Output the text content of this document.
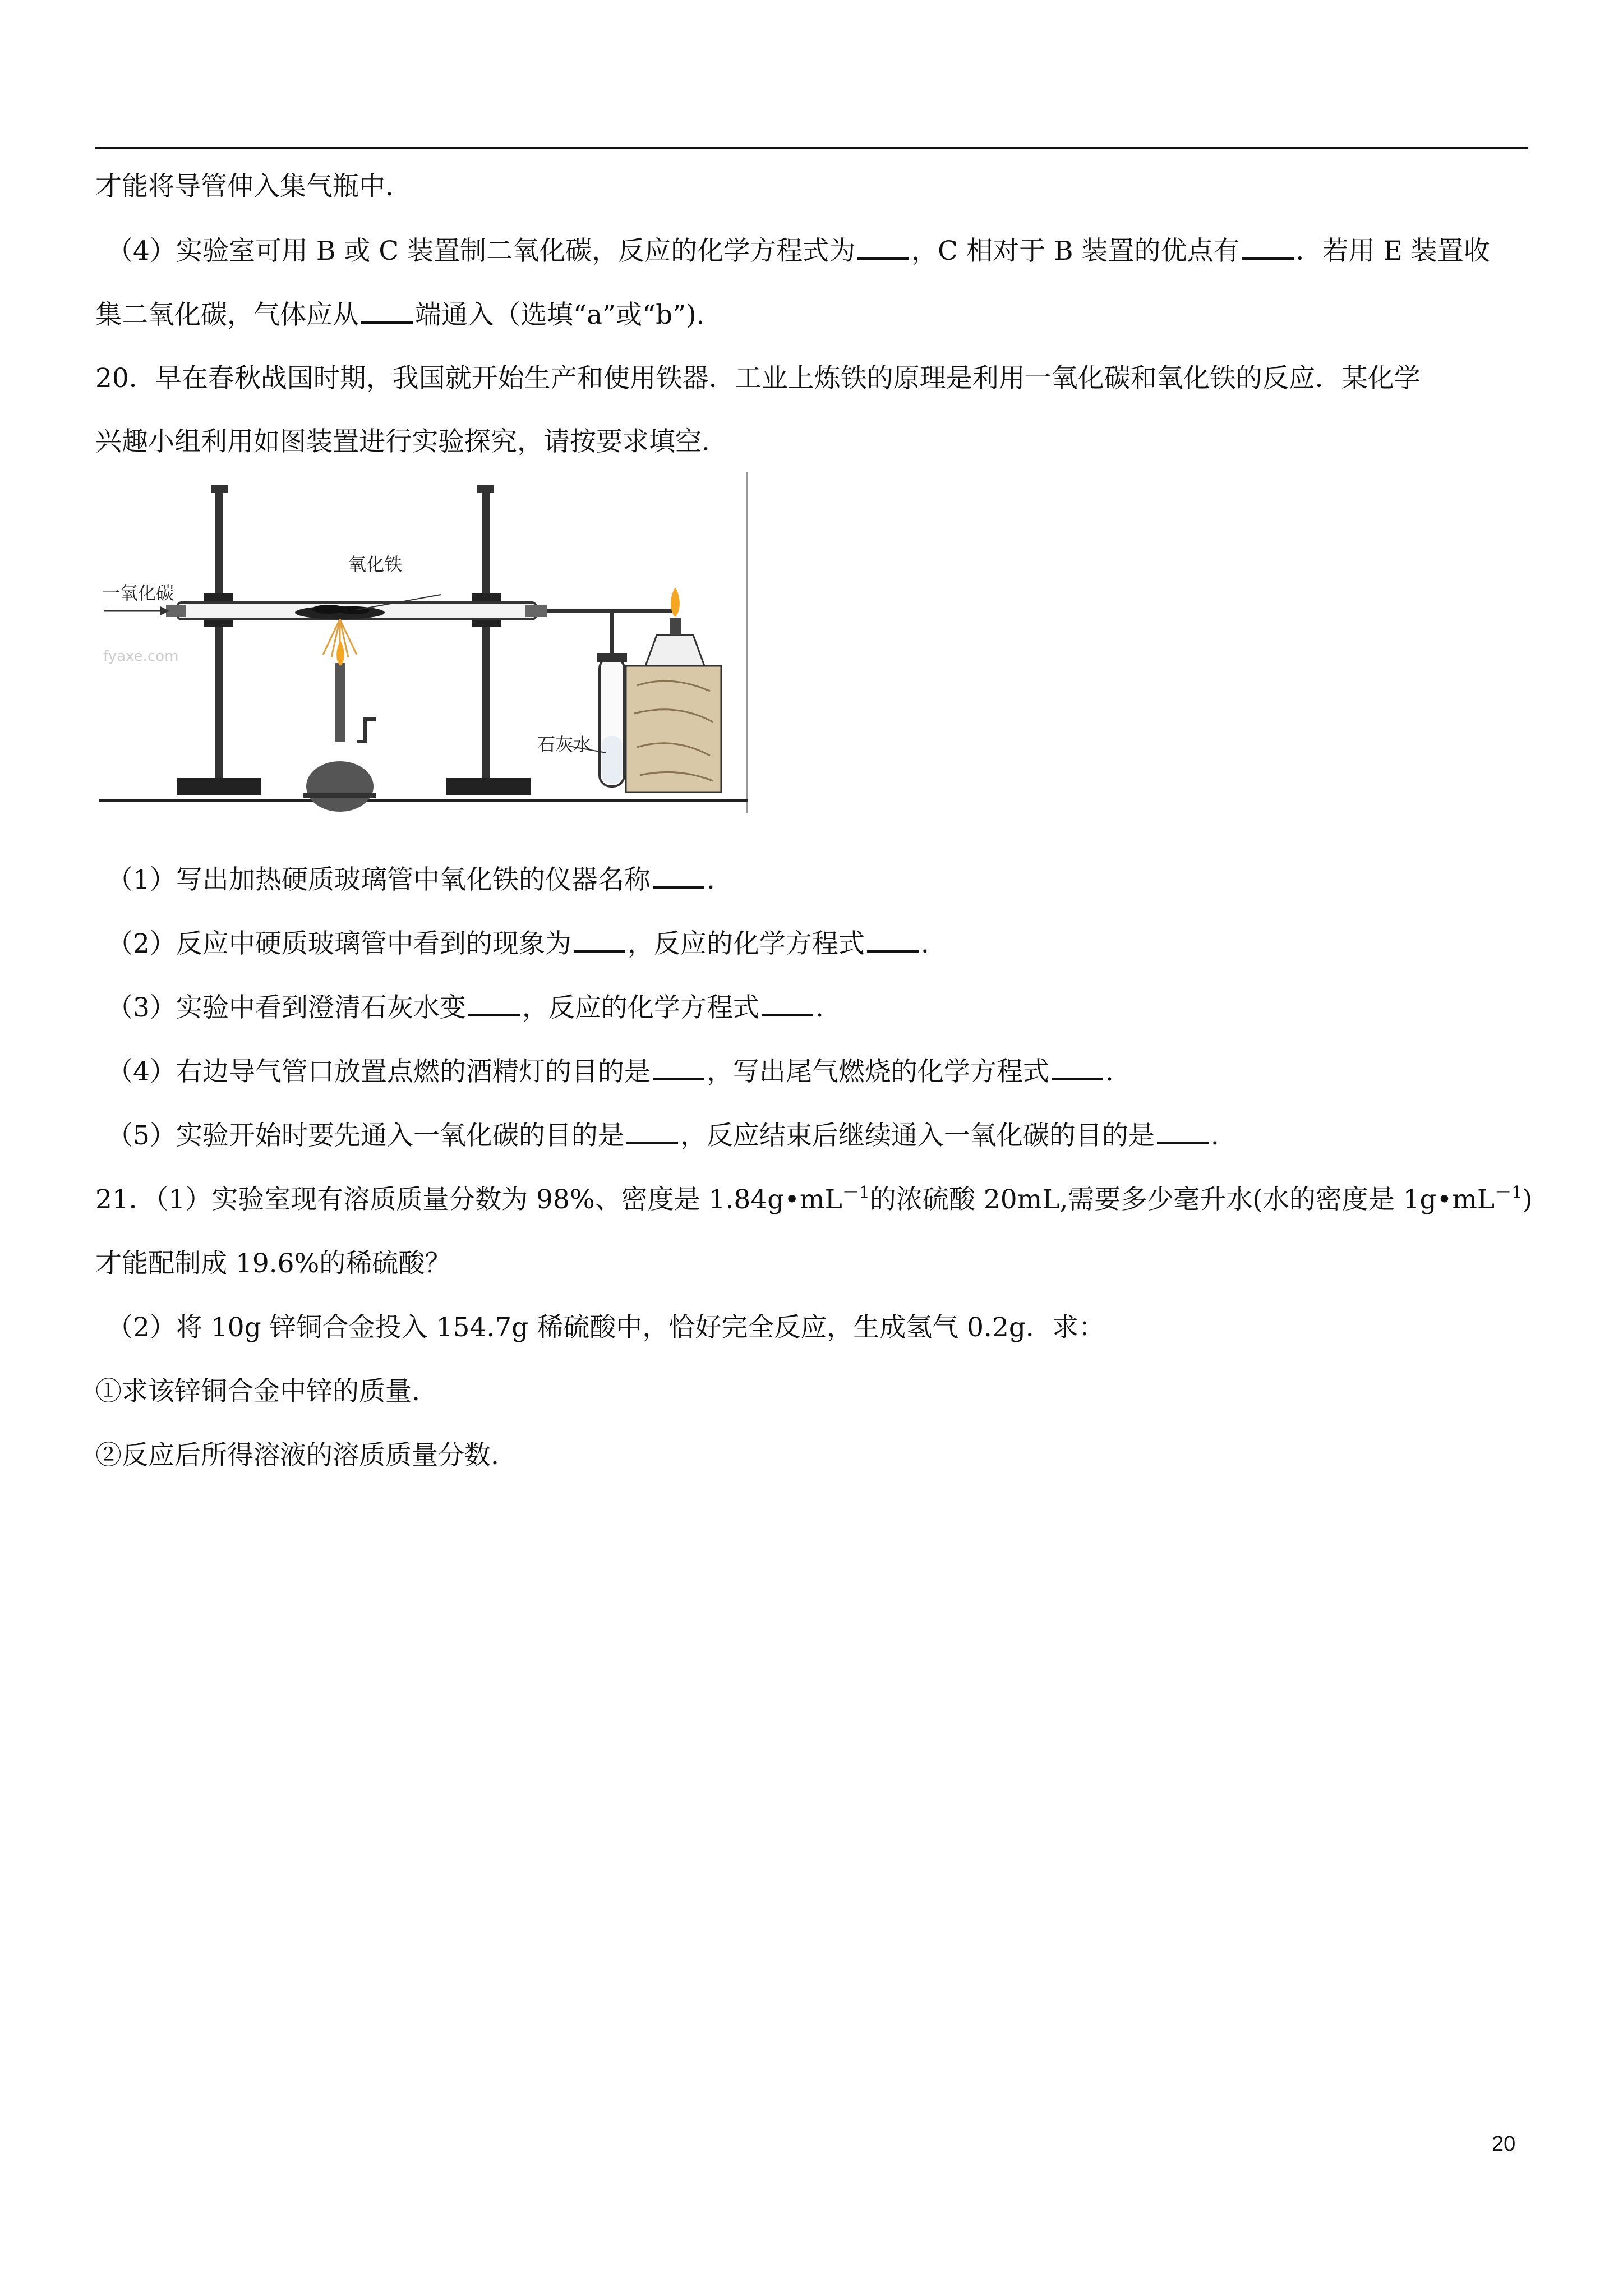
才能将导管伸入集气瓶中.
（4）实验室可用 B 或 C 装置制二氧化碳，反应的化学方程式为 ，C 相对于 B 装置的优点有 ．若用 E 装置收
集二氧化碳，气体应从 端通入（选填“a”或“b”).
20．早在春秋战国时期，我国就开始生产和使用铁器．工业上炼铁的原理是利用一氧化碳和氧化铁的反应．某化学
兴趣小组利用如图装置进行实验探究，请按要求填空．
一氧化碳
氧化铁
石灰水
fyaxe.com
（1）写出加热硬质玻璃管中氧化铁的仪器名称 .
（2）反应中硬质玻璃管中看到的现象为 ，反应的化学方程式 .
（3）实验中看到澄清石灰水变 ，反应的化学方程式 .
（4）右边导气管口放置点燃的酒精灯的目的是 ，写出尾气燃烧的化学方程式 .
（5）实验开始时要先通入一氧化碳的目的是 ，反应结束后继续通入一氧化碳的目的是 .
21．（1）实验室现有溶质质量分数为 98%、密度是 $1.84g•mL^{-1}$的浓硫酸 20mL,需要多少毫升水(水的密度是 $1g•mL^{-1}$)
才能配制成 19.6%的稀硫酸？
（2）将 10g 锌铜合金投入 154.7g 稀硫酸中，恰好完全反应，生成氢气 0.2g．求：
①求该锌铜合金中锌的质量.
②反应后所得溶液的溶质质量分数.
20
